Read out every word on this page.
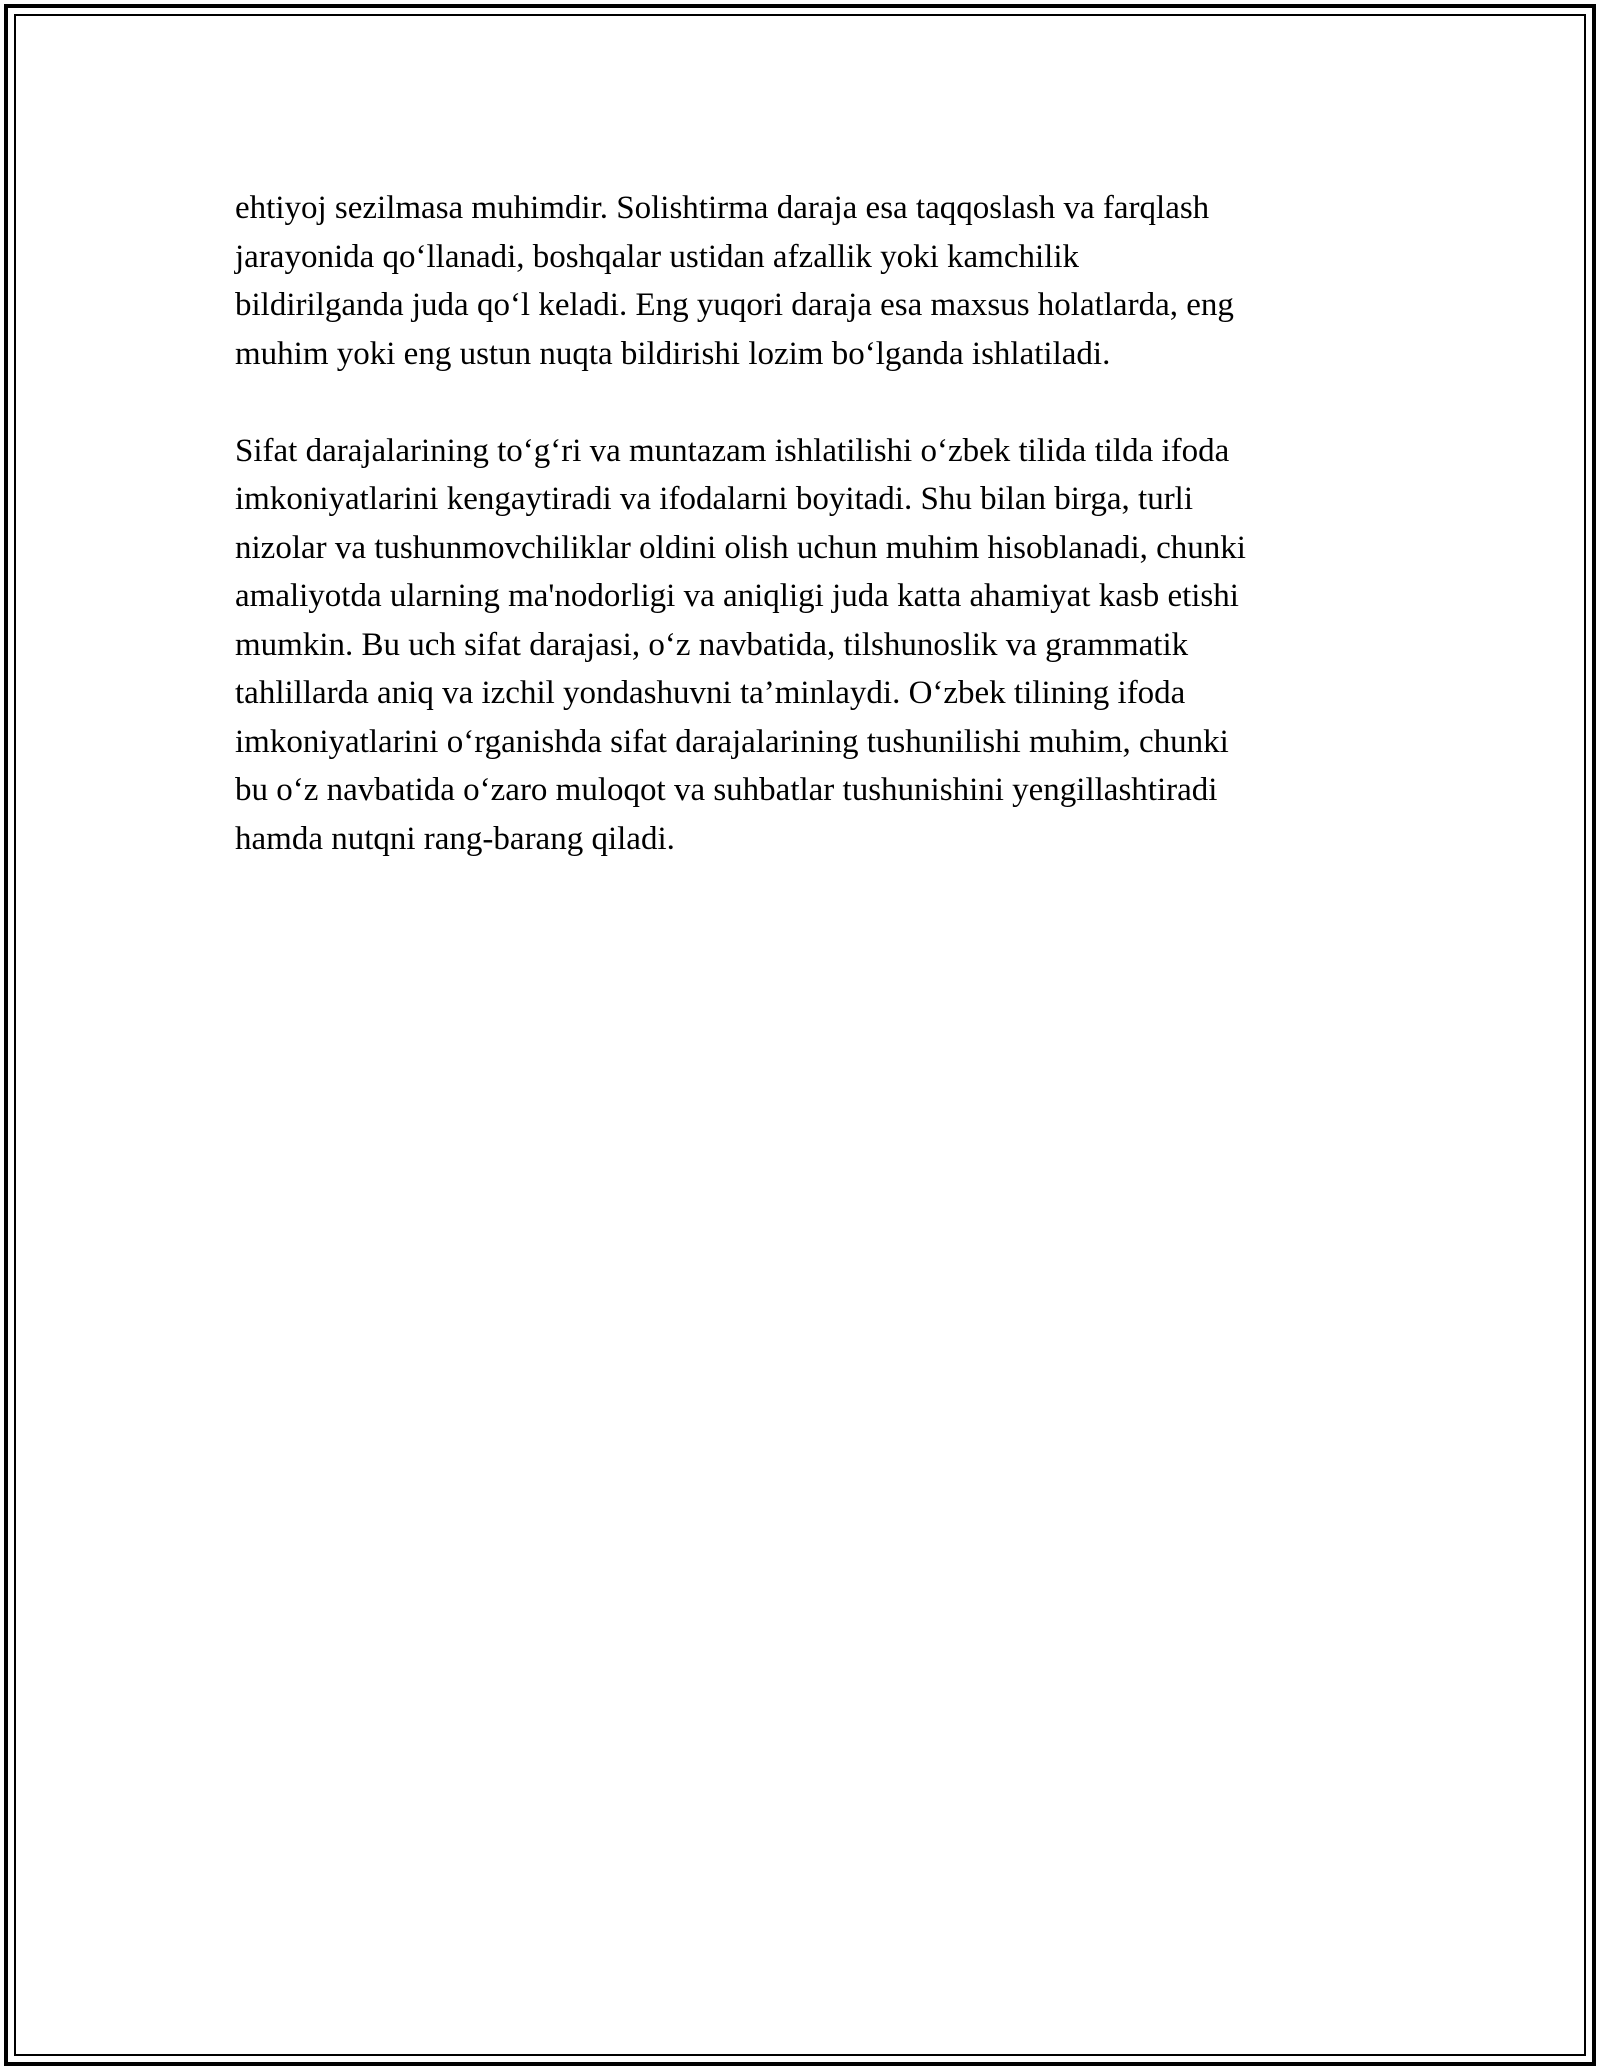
ehtiyoj sezilmasa muhimdir. Solishtirma daraja esa taqqoslash va farqlash
jarayonida qo‘llanadi, boshqalar ustidan afzallik yoki kamchilik
bildirilganda juda qo‘l keladi. Eng yuqori daraja esa maxsus holatlarda, eng
muhim yoki eng ustun nuqta bildirishi lozim bo‘lganda ishlatiladi.

Sifat darajalarining to‘g‘ri va muntazam ishlatilishi o‘zbek tilida tilda ifoda
imkoniyatlarini kengaytiradi va ifodalarni boyitadi. Shu bilan birga, turli
nizolar va tushunmovchiliklar oldini olish uchun muhim hisoblanadi, chunki
amaliyotda ularning ma'nodorligi va aniqligi juda katta ahamiyat kasb etishi
mumkin. Bu uch sifat darajasi, o‘z navbatida, tilshunoslik va grammatik
tahlillarda aniq va izchil yondashuvni ta’minlaydi. O‘zbek tilining ifoda
imkoniyatlarini o‘rganishda sifat darajalarining tushunilishi muhim, chunki
bu o‘z navbatida o‘zaro muloqot va suhbatlar tushunishini yengillashtiradi
hamda nutqni rang-barang qiladi.
